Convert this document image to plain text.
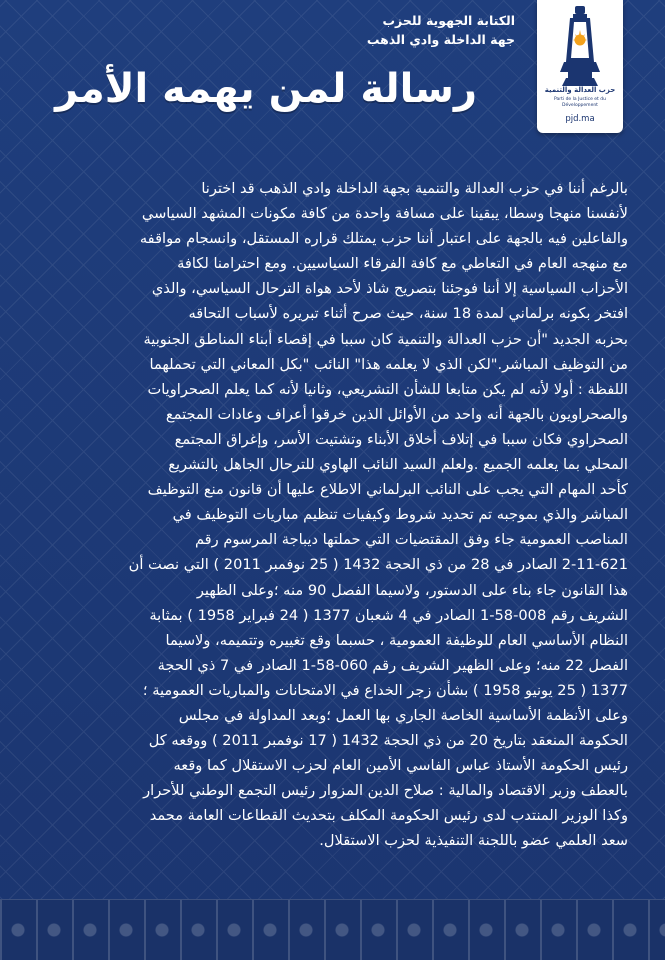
حزب العدالة والتنمية
Parti de la Justice et du Développement
pjd.ma
الكتابة الجهوية للحزب
جهة الداخلة وادي الذهب
رسالة لمن يهمه الأمر
بالرغم أننا في حزب العدالة والتنمية بجهة الداخلة وادي الذهب قد اخترنا
لأنفسنا منهجا وسطا، يبقينا على مسافة واحدة من كافة مكونات المشهد السياسي
والفاعلين فيه بالجهة على اعتبار أننا حزب يمتلك قراره المستقل، وانسجام مواقفه
مع منهجه العام في التعاطي مع كافة الفرقاء السياسيين. ومع احترامنا لكافة
الأحزاب السياسية إلا أننا فوجئنا بتصريح شاذ لأحد هواة الترحال السياسي، والذي
افتخر بكونه برلماني لمدة 18 سنة، حيث صرح أثناء تبريره لأسباب التحاقه
بحزبه الجديد "أن حزب العدالة والتنمية كان سببا في إقصاء أبناء المناطق الجنوبية
من التوظيف المباشر."لكن الذي لا يعلمه هذا" النائب "بكل المعاني التي تحملهما
اللفظة : أولا لأنه لم يكن متابعا للشأن التشريعي، وثانيا لأنه كما يعلم الصحراويات
والصحراويون بالجهة أنه واحد من الأوائل الذين خرقوا أعراف وعادات المجتمع
الصحراوي فكان سببا في إتلاف أخلاق الأبناء وتشتيت الأسر، وإغراق المجتمع
المحلي بما يعلمه الجميع .ولعلم السيد النائب الهاوي للترحال الجاهل بالتشريع
كأحد المهام التي يجب على النائب البرلماني الاطلاع عليها أن قانون منع التوظيف
المباشر والذي بموجبه تم تحديد شروط وكيفيات تنظيم مباريات التوظيف في
المناصب العمومية جاء وفق المقتضيات التي حملتها ديباجة المرسوم رقم
2-11-621 الصادر في 28 من ذي الحجة 1432 ( 25 نوفمبر 2011 ) التي نصت أن
هذا القانون جاء بناء على الدستور، ولاسيما الفصل 90 منه ؛وعلى الظهير
الشريف رقم 008-58-1 الصادر في 4 شعبان 1377 ( 24 فبراير 1958 ) بمثابة
النظام الأساسي العام للوظيفة العمومية ، حسبما وقع تغييره وتتميمه، ولاسيما
الفصل 22 منه؛ وعلى الظهير الشريف رقم 060-58-1 الصادر في 7 ذي الحجة
1377 ( 25 يونيو 1958 ) بشأن زجر الخداع في الامتحانات والمباريات العمومية ؛
وعلى الأنظمة الأساسية الخاصة الجاري بها العمل ؛وبعد المداولة في مجلس
الحكومة المنعقد بتاريخ 20 من ذي الحجة 1432 ( 17 نوفمبر 2011 ) ووقعه كل
رئيس الحكومة الأستاذ عباس الفاسي الأمين العام لحزب الاستقلال كما وقعه
بالعطف وزير الاقتصاد والمالية : صلاح الدين المزوار رئيس التجمع الوطني للأحرار
وكذا الوزير المنتدب لدى رئيس الحكومة المكلف بتحديث القطاعات العامة محمد
سعد العلمي عضو باللجنة التنفيذية لحزب الاستقلال.
